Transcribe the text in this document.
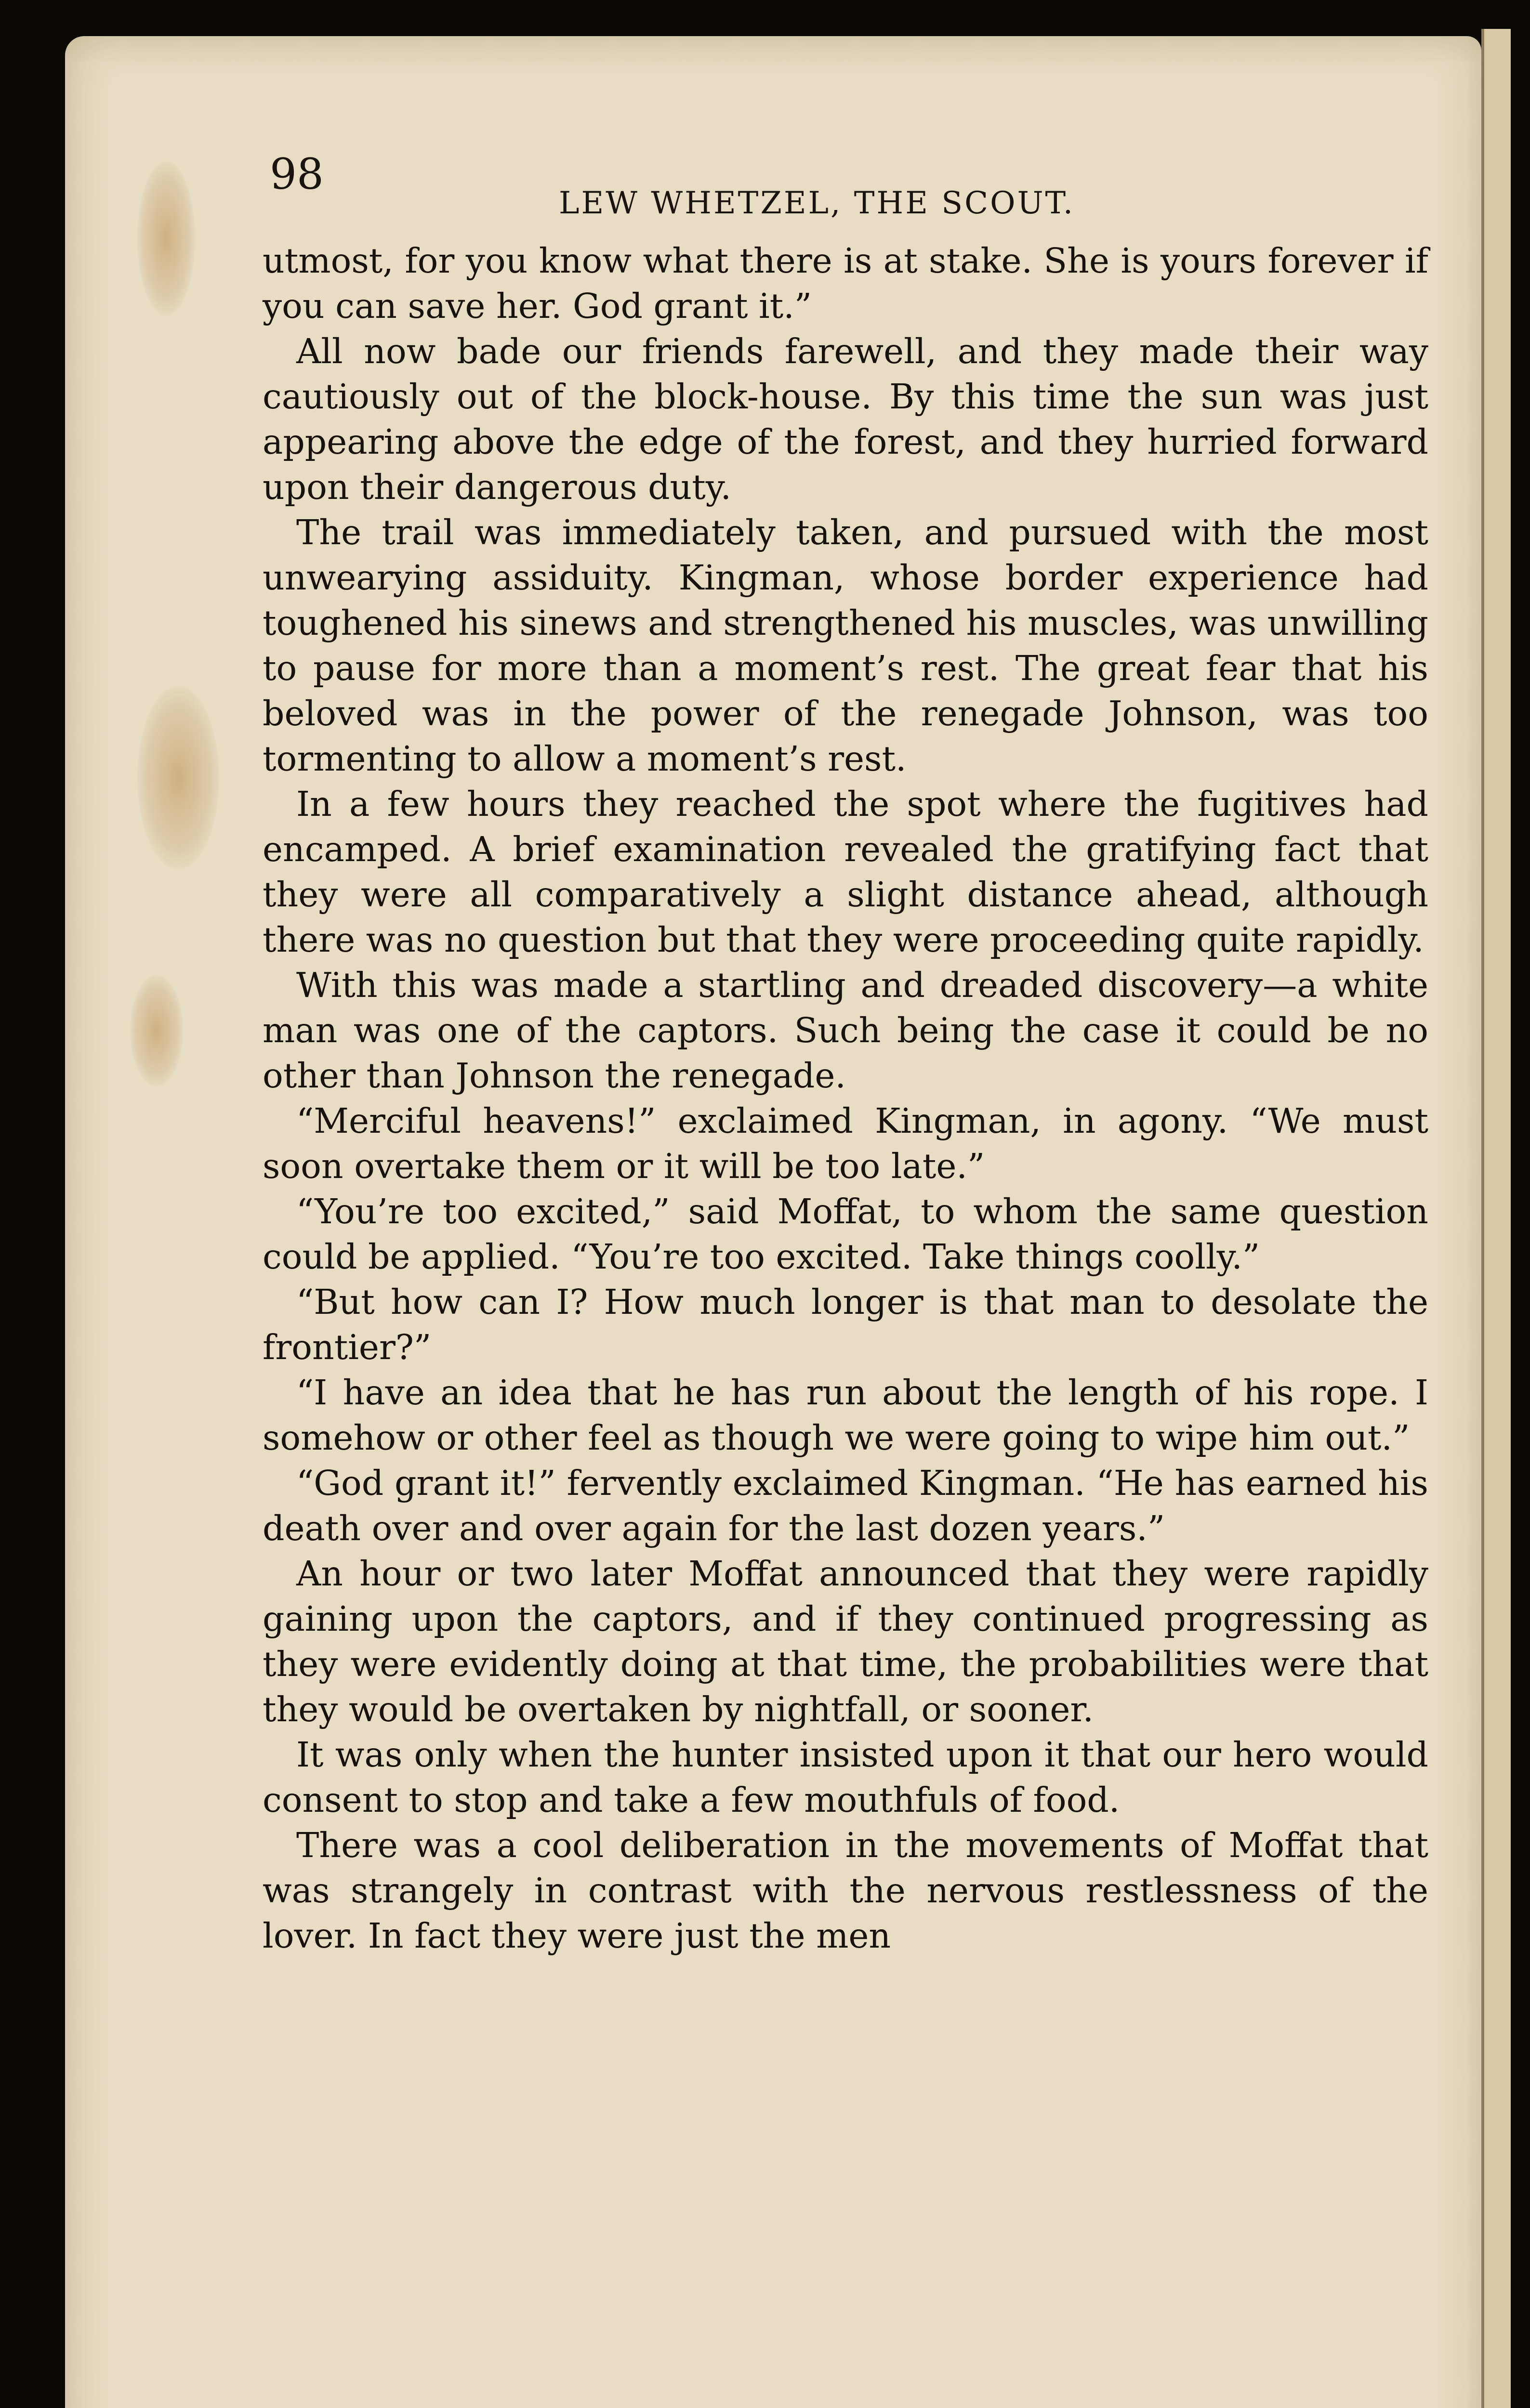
98
LEW WHETZEL, THE SCOUT.

utmost, for you know what there is at stake. She is yours forever if you can save her. God grant it.”

All now bade our friends farewell, and they made their way cautiously out of the block-house. By this time the sun was just appearing above the edge of the forest, and they hurried forward upon their dangerous duty.

The trail was immediately taken, and pursued with the most unwearying assiduity. Kingman, whose border experience had toughened his sinews and strengthened his muscles, was unwilling to pause for more than a moment’s rest. The great fear that his beloved was in the power of the renegade Johnson, was too tormenting to allow a moment’s rest.

In a few hours they reached the spot where the fugitives had encamped. A brief examination revealed the gratifying fact that they were all comparatively a slight distance ahead, although there was no question but that they were proceeding quite rapidly.

With this was made a startling and dreaded discovery—a white man was one of the captors. Such being the case it could be no other than Johnson the renegade.

“Merciful heavens!” exclaimed Kingman, in agony. “We must soon overtake them or it will be too late.”

“You’re too excited,” said Moffat, to whom the same question could be applied. “You’re too excited. Take things coolly.”

“But how can I? How much longer is that man to desolate the frontier?”

“I have an idea that he has run about the length of his rope. I somehow or other feel as though we were going to wipe him out.”

“God grant it!” fervently exclaimed Kingman. “He has earned his death over and over again for the last dozen years.”

An hour or two later Moffat announced that they were rapidly gaining upon the captors, and if they continued progressing as they were evidently doing at that time, the probabilities were that they would be overtaken by nightfall, or sooner.

It was only when the hunter insisted upon it that our hero would consent to stop and take a few mouthfuls of food.

There was a cool deliberation in the movements of Moffat that was strangely in contrast with the nervous restlessness of the lover. In fact they were just the men
